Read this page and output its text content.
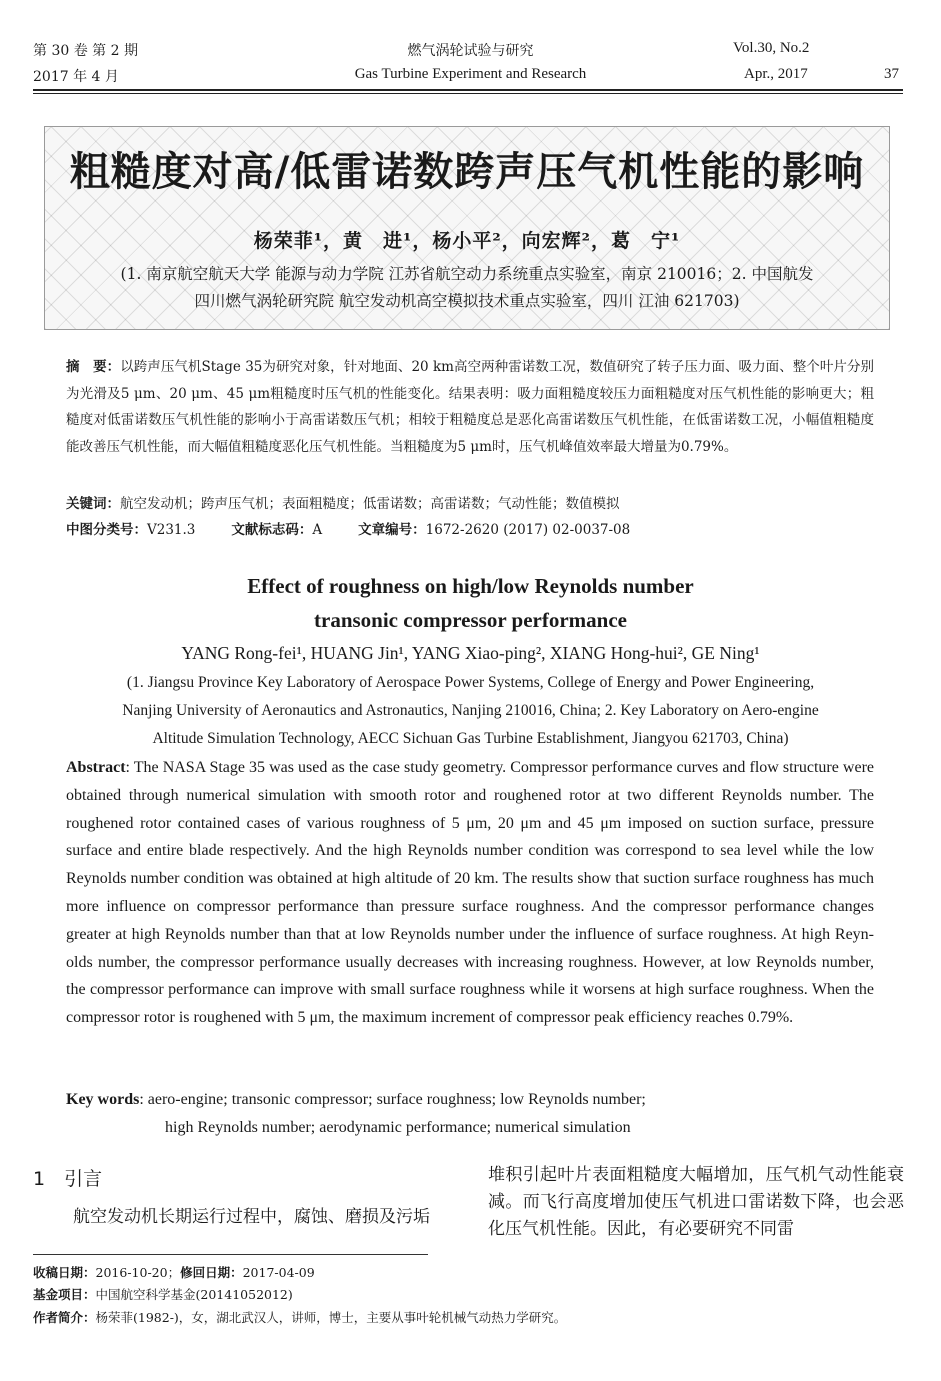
第 30 卷 第 2 期
2017 年 4 月
燃气涡轮试验与研究
Gas Turbine Experiment and Research
Vol.30, No.2
Apr., 2017	37
粗糙度对高/低雷诺数跨声压气机性能的影响
杨荣菲¹，黄　进¹，杨小平²，向宏辉²，葛　宁¹
(1. 南京航空航天大学 能源与动力学院 江苏省航空动力系统重点实验室，南京 210016；2. 中国航发
四川燃气涡轮研究院 航空发动机高空模拟技术重点实验室，四川 江油 621703)
摘　要：以跨声压气机Stage 35为研究对象，针对地面、20 km高空两种雷诺数工况，数值研究了转子压力面、吸力面、整个叶片分别为光滑及5 μm、20 μm、45 μm粗糙度时压气机的性能变化。结果表明：吸力面粗糙度较压力面粗糙度对压气机性能的影响更大；粗糙度对低雷诺数压气机性能的影响小于高雷诺数压气机；相较于粗糙度总是恶化高雷诺数压气机性能，在低雷诺数工况，小幅值粗糙度能改善压气机性能，而大幅值粗糙度恶化压气机性能。当粗糙度为5 μm时，压气机峰值效率最大增量为0.79%。
关键词：航空发动机；跨声压气机；表面粗糙度；低雷诺数；高雷诺数；气动性能；数值模拟
中图分类号：V231.3	文献标志码：A	文章编号：1672-2620 (2017) 02-0037-08
Effect of roughness on high/low Reynolds number
transonic compressor performance
YANG Rong-fei¹, HUANG Jin¹, YANG Xiao-ping², XIANG Hong-hui², GE Ning¹
(1. Jiangsu Province Key Laboratory of Aerospace Power Systems, College of Energy and Power Engineering,
Nanjing University of Aeronautics and Astronautics, Nanjing 210016, China; 2. Key Laboratory on Aero-engine
Altitude Simulation Technology, AECC Sichuan Gas Turbine Establishment, Jiangyou 621703, China)
Abstract: The NASA Stage 35 was used as the case study geometry. Compressor performance curves and flow structure were obtained through numerical simulation with smooth rotor and roughened rotor at two different Reynolds number. The roughened rotor contained cases of various roughness of 5 μm, 20 μm and 45 μm imposed on suction surface, pressure surface and entire blade respectively. And the high Reynolds number condition was correspond to sea level while the low Reynolds number condition was obtained at high altitude of 20 km. The results show that suction surface roughness has much more influence on compressor performance than pressure surface roughness. And the compressor performance changes greater at high Reynolds number than that at low Reynolds number under the influence of surface roughness. At high Reynolds number, the compressor performance usually decreases with increasing roughness. However, at low Reynolds number, the compressor performance can improve with small surface roughness while it worsens at high surface roughness. When the compressor rotor is roughened with 5 μm, the maximum increment of compressor peak efficiency reaches 0.79%.
Key words: aero-engine; transonic compressor; surface roughness; low Reynolds number;
high Reynolds number; aerodynamic performance; numerical simulation
1　引言
航空发动机长期运行过程中，腐蚀、磨损及污垢
堆积引起叶片表面粗糙度大幅增加，压气机气动性能衰减。而飞行高度增加使压气机进口雷诺数下降，也会恶化压气机性能。因此，有必要研究不同雷
收稿日期：2016-10-20；修回日期：2017-04-09
基金项目：中国航空科学基金(20141052012)
作者简介：杨荣菲(1982-)，女，湖北武汉人，讲师，博士，主要从事叶轮机械气动热力学研究。
